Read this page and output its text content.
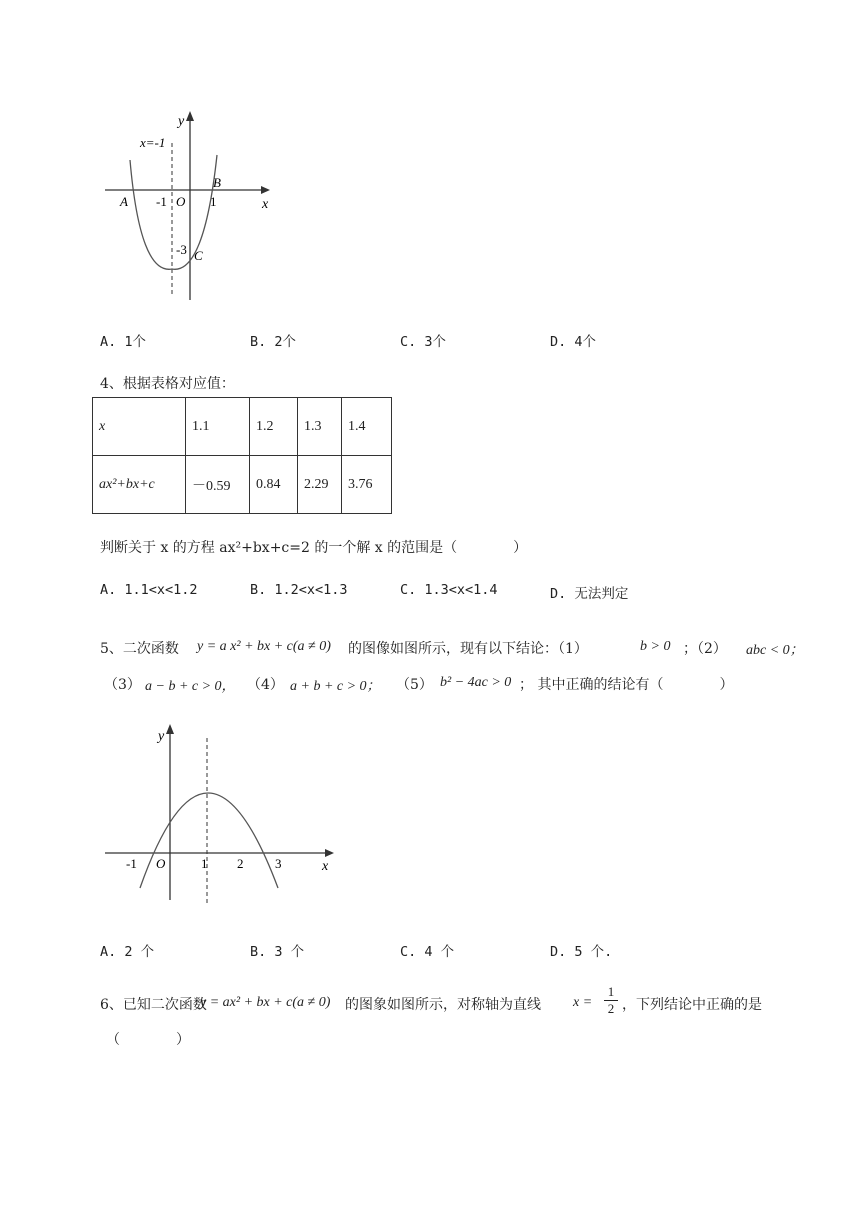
y
x
x=-1
A
B
C
O
-1	1
-3
A. 1个	B. 2个	C. 3个	D. 4个
4、根据表格对应值：
x	1.1	1.2	1.3	1.4
ax²+bx+c	－0.59	0.84	2.29	3.76
判断关于 x 的方程 ax²+bx+c=2 的一个解 x 的范围是（　　　　）
A. 1.1<x<1.2	B. 1.2<x<1.3	C. 1.3<x<1.4	D. 无法判定
5、二次函数 y = a x² + bx + c(a ≠ 0) 的图像如图所示，现有以下结论：（1）	b > 0 ；（2） abc < 0；
（3） a − b + c > 0， （4） a + b + c > 0； （5） b² − 4ac > 0 ； 其中正确的结论有（　　　　）
y
x
O
-1	1 2 3
A. 2 个	B. 3 个	C. 4 个	D. 5 个.
6、已知二次函数
y = ax² + bx + c(a ≠ 0) 的图象如图所示，对称轴为直线 x =
1
2 ，下列结论中正确的是
（　　　　）
